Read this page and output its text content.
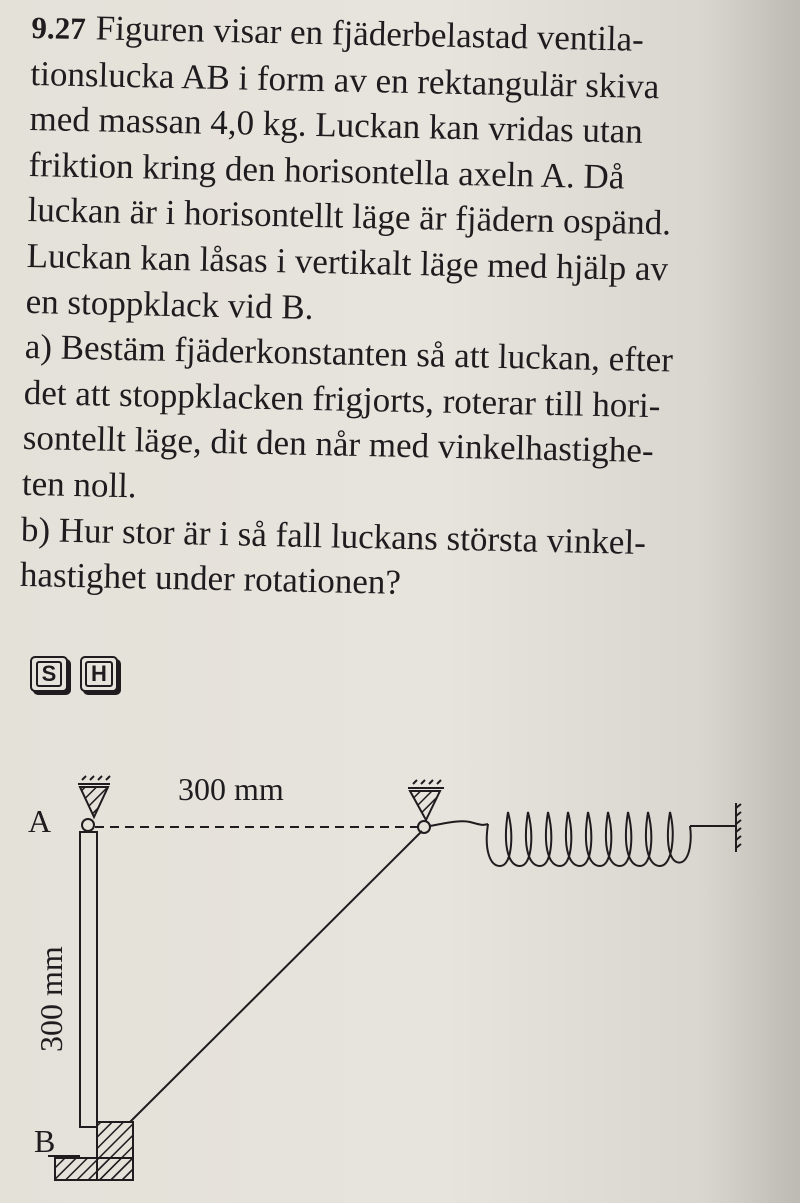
9.27 Figuren visar en fjäderbelastad ventila-
tionslucka AB i form av en rektangulär skiva
med massan 4,0 kg. Luckan kan vridas utan
friktion kring den horisontella axeln A. Då
luckan är i horisontellt läge är fjädern ospänd.
Luckan kan låsas i vertikalt läge med hjälp av
en stoppklack vid B.
a) Bestäm fjäderkonstanten så att luckan, efter
det att stoppklacken frigjorts, roterar till hori-
sontellt läge, dit den når med vinkelhastighe-
ten noll.
b) Hur stor är i så fall luckans största vinkel-
hastighet under rotationen?
S H
A
B
300 mm
300 mm
